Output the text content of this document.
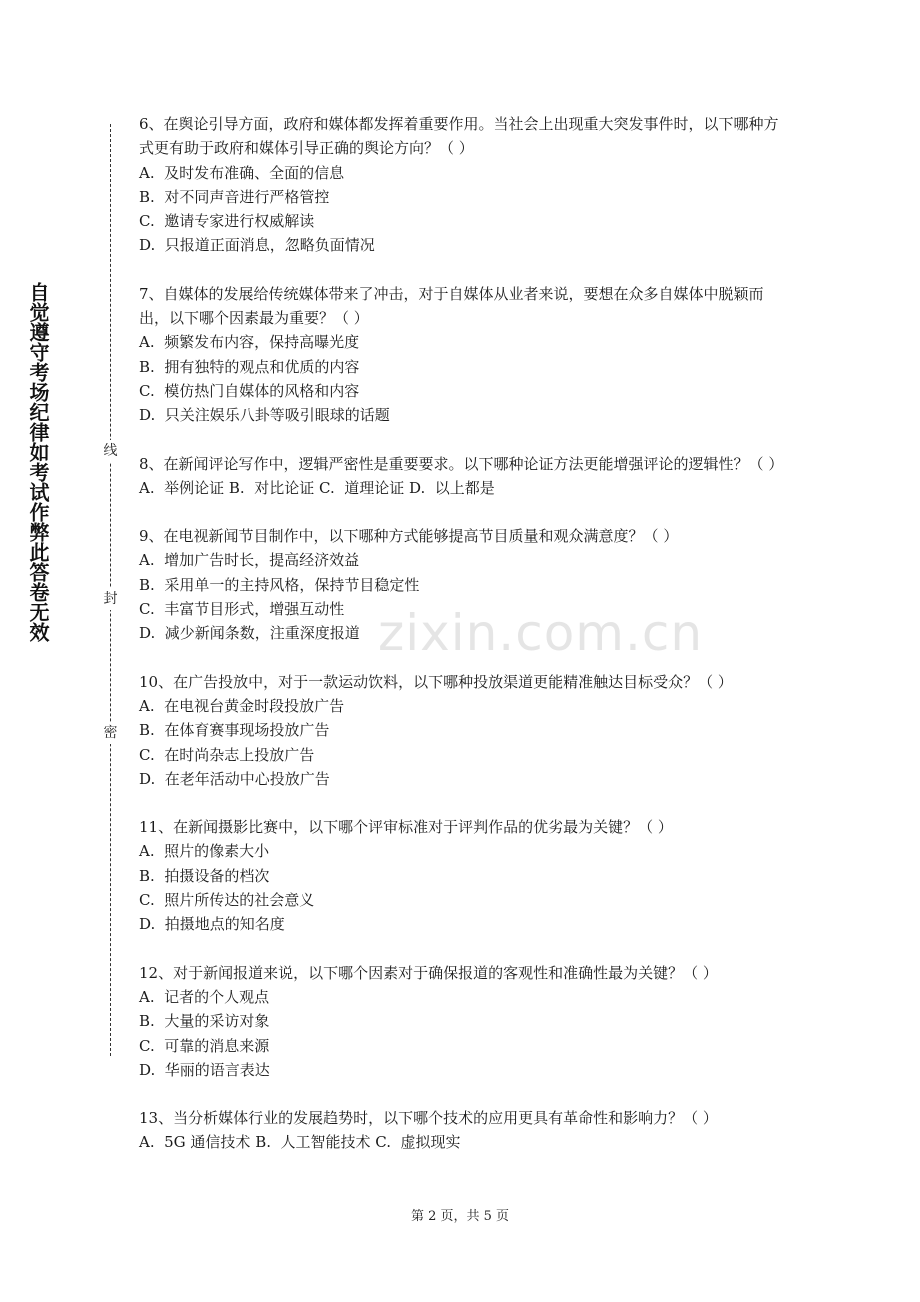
自觉遵守考场纪律如考试作弊此答卷无效	线
封
密
zixin.com.cn

6、在舆论引导方面，政府和媒体都发挥着重要作用。当社会上出现重大突发事件时，以下哪种方式更有助于政府和媒体引导正确的舆论方向？（ ）

A.  及时发布准确、全面的信息

B.  对不同声音进行严格管控

C.  邀请专家进行权威解读

D.  只报道正面消息，忽略负面情况

7、自媒体的发展给传统媒体带来了冲击，对于自媒体从业者来说，要想在众多自媒体中脱颖而出，以下哪个因素最为重要？（ ）

A.  频繁发布内容，保持高曝光度

B.  拥有独特的观点和优质的内容

C.  模仿热门自媒体的风格和内容

D.  只关注娱乐八卦等吸引眼球的话题

8、在新闻评论写作中，逻辑严密性是重要要求。以下哪种论证方法更能增强评论的逻辑性？（ ）

A.  举例论证 B.  对比论证 C.  道理论证 D.  以上都是

9、在电视新闻节目制作中，以下哪种方式能够提高节目质量和观众满意度？（ ）

A.  增加广告时长，提高经济效益

B.  采用单一的主持风格，保持节目稳定性

C.  丰富节目形式，增强互动性

D.  减少新闻条数，注重深度报道

10、在广告投放中，对于一款运动饮料，以下哪种投放渠道更能精准触达目标受众？（ ）

A.  在电视台黄金时段投放广告

B.  在体育赛事现场投放广告

C.  在时尚杂志上投放广告

D.  在老年活动中心投放广告

11、在新闻摄影比赛中，以下哪个评审标准对于评判作品的优劣最为关键？（ ）

A.  照片的像素大小

B.  拍摄设备的档次

C.  照片所传达的社会意义

D.  拍摄地点的知名度

12、对于新闻报道来说，以下哪个因素对于确保报道的客观性和准确性最为关键？（ ）

A.  记者的个人观点

B.  大量的采访对象

C.  可靠的消息来源

D.  华丽的语言表达

13、当分析媒体行业的发展趋势时，以下哪个技术的应用更具有革命性和影响力？（ ）

A.  5G 通信技术 B.  人工智能技术 C.  虚拟现实

第 2 页，共 5 页
